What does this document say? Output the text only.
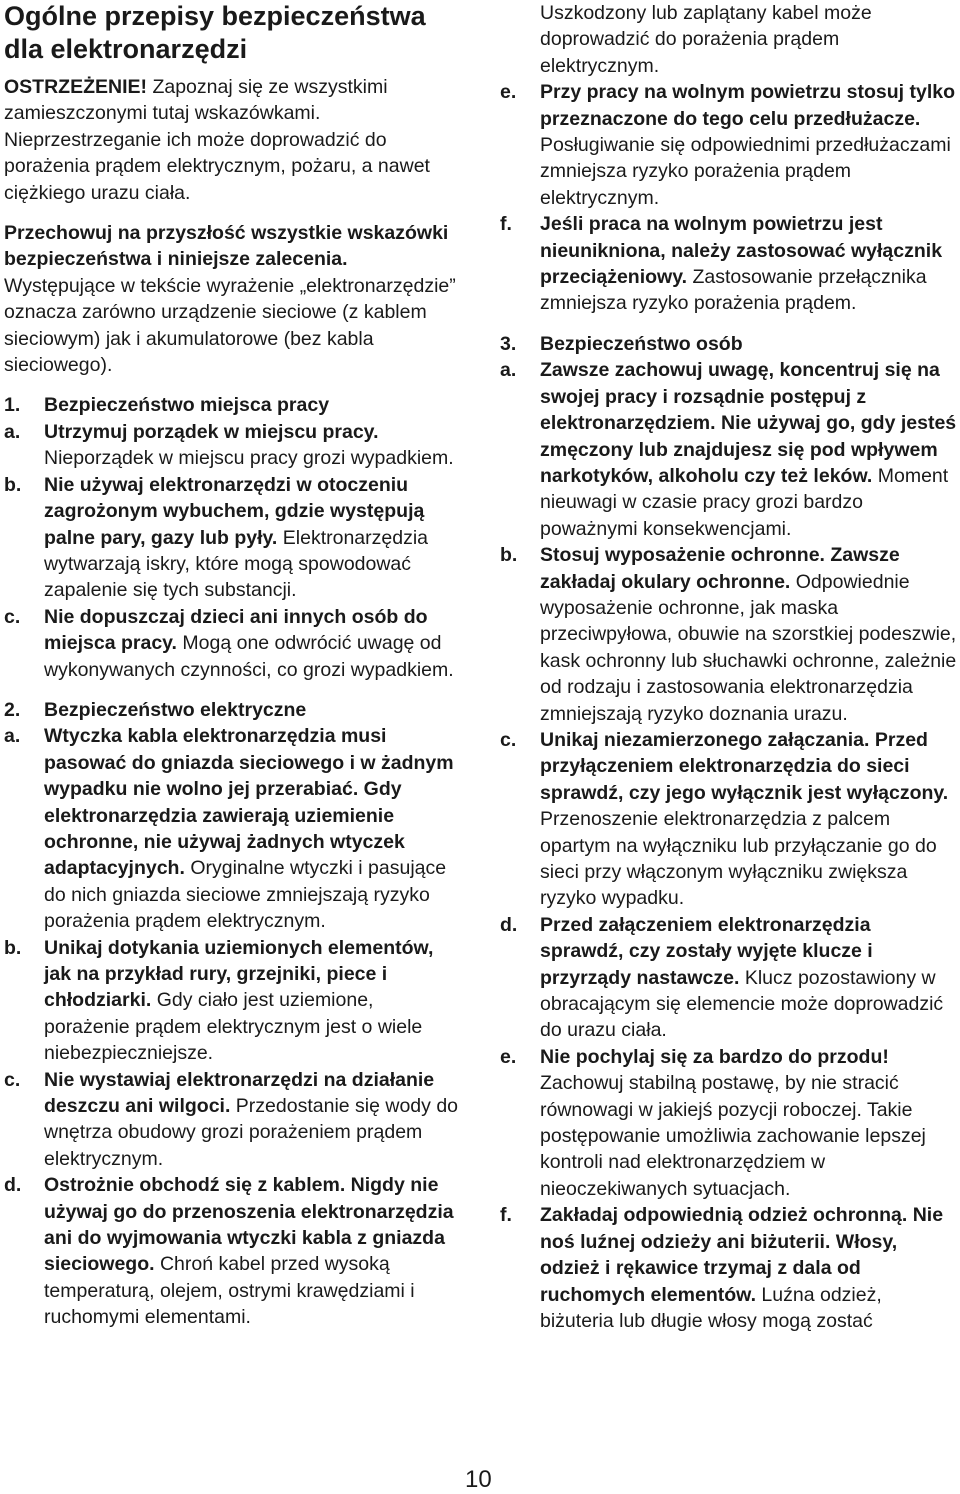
Ogólne przepisy bezpieczeństwa dla elektronarzędzi

OSTRZEŻENIE! Zapoznaj się ze wszystkimi zamieszczonymi tutaj wskazówkami. Nieprzestrzeganie ich może doprowadzić do porażenia prądem elektrycznym, pożaru, a nawet ciężkiego urazu ciała.

Przechowuj na przyszłość wszystkie wskazówki bezpieczeństwa i niniejsze zalecenia. Występujące w tekście wyrażenie „elektronarzędzie” oznacza zarówno urządzenie sieciowe (z kablem sieciowym) jak i akumulatorowe (bez kabla sieciowego).

1.	Bezpieczeństwo miejsca pracy
a.	Utrzymuj porządek w miejscu pracy. Nieporządek w miejscu pracy grozi wypadkiem.
b.	Nie używaj elektronarzędzi w otoczeniu zagrożonym wybuchem, gdzie występują palne pary, gazy lub pyły. Elektronarzędzia wytwarzają iskry, które mogą spowodować zapalenie się tych substancji.
c.	Nie dopuszczaj dzieci ani innych osób do miejsca pracy. Mogą one odwrócić uwagę od wykonywanych czynności, co grozi wypadkiem.
2.	Bezpieczeństwo elektryczne
a.	Wtyczka kabla elektronarzędzia musi pasować do gniazda sieciowego i w żadnym wypadku nie wolno jej przerabiać. Gdy elektronarzędzia zawierają uziemienie ochronne, nie używaj żadnych wtyczek adaptacyjnych. Oryginalne wtyczki i pasujące do nich gniazda sieciowe zmniejszają ryzyko porażenia prądem elektrycznym.
b.	Unikaj dotykania uziemionych elementów, jak na przykład rury, grzejniki, piece i chłodziarki. Gdy ciało jest uziemione, porażenie prądem elektrycznym jest o wiele niebezpieczniejsze.
c.	Nie wystawiaj elektronarzędzi na działanie deszczu ani wilgoci. Przedostanie się wody do wnętrza obudowy grozi porażeniem prądem elektrycznym.
d.	Ostrożnie obchodź się z kablem. Nigdy nie używaj go do przenoszenia elektronarzędzia ani do wyjmowania wtyczki kabla z gniazda sieciowego. Chroń kabel przed wysoką temperaturą, olejem, ostrymi krawędziami i ruchomymi elementami.
Uszkodzony lub zaplątany kabel może doprowadzić do porażenia prądem elektrycznym.
e.	Przy pracy na wolnym powietrzu stosuj tylko przeznaczone do tego celu przedłużacze. Posługiwanie się odpowiednimi przedłużaczami zmniejsza ryzyko porażenia prądem elektrycznym.
f.	Jeśli praca na wolnym powietrzu jest nieunikniona, należy zastosować wyłącznik przeciążeniowy. Zastosowanie przełącznika zmniejsza ryzyko porażenia prądem.
3.	Bezpieczeństwo osób
a.	Zawsze zachowuj uwagę, koncentruj się na swojej pracy i rozsądnie postępuj z elektronarzędziem. Nie używaj go, gdy jesteś zmęczony lub znajdujesz się pod wpływem narkotyków, alkoholu czy też leków. Moment nieuwagi w czasie pracy grozi bardzo poważnymi konsekwencjami.
b.	Stosuj wyposażenie ochronne. Zawsze zakładaj okulary ochronne. Odpowiednie wyposażenie ochronne, jak maska przeciwpyłowa, obuwie na szorstkiej podeszwie, kask ochronny lub słuchawki ochronne, zależnie od rodzaju i zastosowania elektronarzędzia zmniejszają ryzyko doznania urazu.
c.	Unikaj niezamierzonego załączania. Przed przyłączeniem elektronarzędzia do sieci sprawdź, czy jego wyłącznik jest wyłączony. Przenoszenie elektronarzędzia z palcem opartym na wyłączniku lub przyłączanie go do sieci przy włączonym wyłączniku zwiększa ryzyko wypadku.
d.	Przed załączeniem elektronarzędzia sprawdź, czy zostały wyjęte klucze i przyrządy nastawcze. Klucz pozostawiony w obracającym się elemencie może doprowadzić do urazu ciała.
e.	Nie pochylaj się za bardzo do przodu! Zachowuj stabilną postawę, by nie stracić równowagi w jakiejś pozycji roboczej. Takie postępowanie umożliwia zachowanie lepszej kontroli nad elektronarzędziem w nieoczekiwanych sytuacjach.
f.	Zakładaj odpowiednią odzież ochronną. Nie noś luźnej odzieży ani biżuterii. Włosy, odzież i rękawice trzymaj z dala od ruchomych elementów. Luźna odzież, biżuteria lub długie włosy mogą zostać
10
